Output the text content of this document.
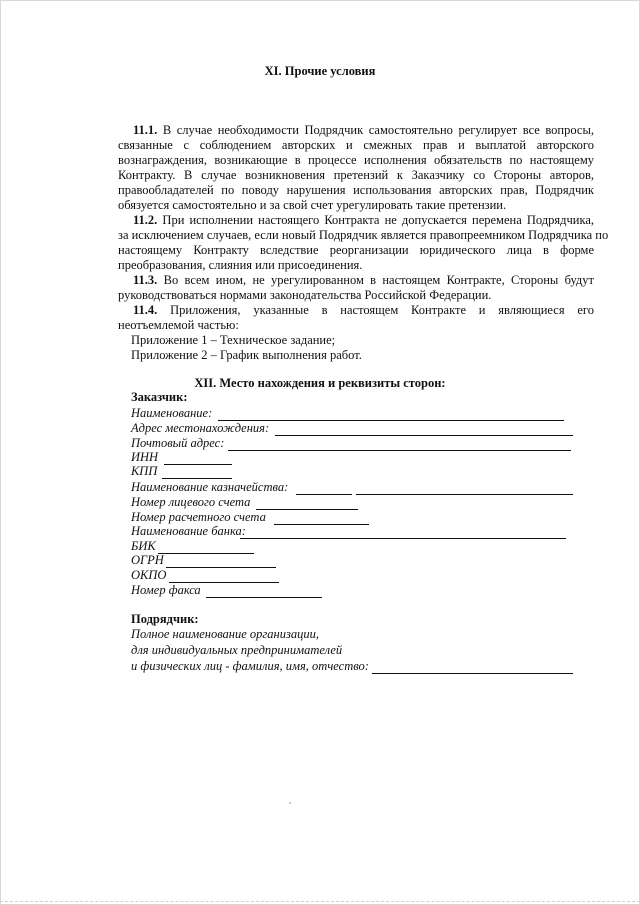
XI. Прочие условия
11.1. В случае необходимости Подрядчик самостоятельно регулирует все вопросы,
связанные с соблюдением авторских и смежных прав и выплатой авторского
вознаграждения, возникающие в процессе исполнения обязательств по настоящему
Контракту. В случае возникновения претензий к Заказчику со Стороны авторов,
правообладателей по поводу нарушения использования авторских прав, Подрядчик
обязуется самостоятельно и за свой счет урегулировать такие претензии.
11.2. При исполнении настоящего Контракта не допускается перемена Подрядчика,
за исключением случаев, если новый Подрядчик является правопреемником Подрядчика по
настоящему Контракту вследствие реорганизации юридического лица в форме
преобразования, слияния или присоединения.
11.3. Во всем ином, не урегулированном в настоящем Контракте, Стороны будут
руководствоваться нормами законодательства Российской Федерации.
11.4. Приложения, указанные в настоящем Контракте и являющиеся его
неотъемлемой частью:
Приложение 1 – Техническое задание;
Приложение 2 – График выполнения работ.
XII. Место нахождения и реквизиты сторон:
Заказчик:
Наименование:
Адрес местонахождения:
Почтовый адрес:
ИНН
КПП
Наименование казначейства:
Номер лицевого счета
Номер расчетного счета
Наименование банка:
БИК
ОГРН
ОКПО
Номер факса
Подрядчик:
Полное наименование организации,
для индивидуальных предпринимателей
и физических лиц - фамилия, имя, отчество:
